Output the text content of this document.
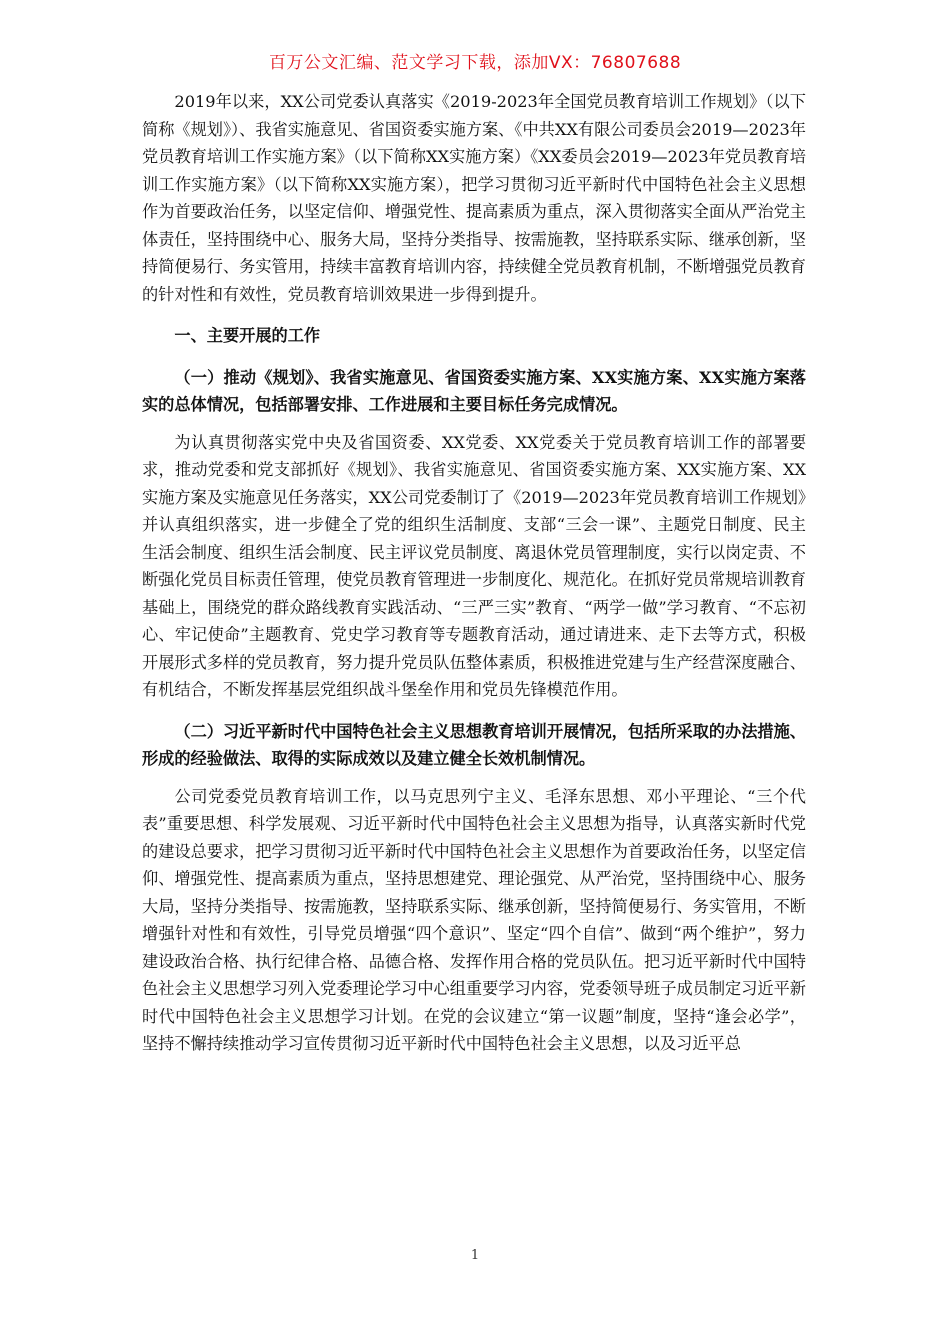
百万公文汇编、范文学习下载，添加VX：76807688

2019年以来，XX公司党委认真落实《2019-2023年全国党员教育培训工作规划》（以下简称《规划》）、我省实施意见、省国资委实施方案、《中共XX有限公司委员会2019—2023年党员教育培训工作实施方案》（以下简称XX实施方案）《XX委员会2019—2023年党员教育培训工作实施方案》（以下简称XX实施方案），把学习贯彻习近平新时代中国特色社会主义思想作为首要政治任务，以坚定信仰、增强党性、提高素质为重点，深入贯彻落实全面从严治党主体责任，坚持围绕中心、服务大局，坚持分类指导、按需施教，坚持联系实际、继承创新，坚持简便易行、务实管用，持续丰富教育培训内容，持续健全党员教育机制，不断增强党员教育的针对性和有效性，党员教育培训效果进一步得到提升。

一、主要开展的工作

（一）推动《规划》、我省实施意见、省国资委实施方案、XX实施方案、XX实施方案落实的总体情况，包括部署安排、工作进展和主要目标任务完成情况。

为认真贯彻落实党中央及省国资委、XX党委、XX党委关于党员教育培训工作的部署要求，推动党委和党支部抓好《规划》、我省实施意见、省国资委实施方案、XX实施方案、XX实施方案及实施意见任务落实，XX公司党委制订了《2019—2023年党员教育培训工作规划》并认真组织落实，进一步健全了党的组织生活制度、支部“三会一课”、主题党日制度、民主生活会制度、组织生活会制度、民主评议党员制度、离退休党员管理制度，实行以岗定责、不断强化党员目标责任管理，使党员教育管理进一步制度化、规范化。在抓好党员常规培训教育基础上，围绕党的群众路线教育实践活动、“三严三实”教育、“两学一做”学习教育、“不忘初心、牢记使命”主题教育、党史学习教育等专题教育活动，通过请进来、走下去等方式，积极开展形式多样的党员教育，努力提升党员队伍整体素质，积极推进党建与生产经营深度融合、有机结合，不断发挥基层党组织战斗堡垒作用和党员先锋模范作用。

（二）习近平新时代中国特色社会主义思想教育培训开展情况，包括所采取的办法措施、形成的经验做法、取得的实际成效以及建立健全长效机制情况。

公司党委党员教育培训工作，以马克思列宁主义、毛泽东思想、邓小平理论、“三个代表”重要思想、科学发展观、习近平新时代中国特色社会主义思想为指导，认真落实新时代党的建设总要求，把学习贯彻习近平新时代中国特色社会主义思想作为首要政治任务，以坚定信仰、增强党性、提高素质为重点，坚持思想建党、理论强党、从严治党，坚持围绕中心、服务大局，坚持分类指导、按需施教，坚持联系实际、继承创新，坚持简便易行、务实管用，不断增强针对性和有效性，引导党员增强“四个意识”、坚定“四个自信”、做到“两个维护”，努力建设政治合格、执行纪律合格、品德合格、发挥作用合格的党员队伍。把习近平新时代中国特色社会主义思想学习列入党委理论学习中心组重要学习内容，党委领导班子成员制定习近平新时代中国特色社会主义思想学习计划。在党的会议建立“第一议题”制度，坚持“逢会必学”，坚持不懈持续推动学习宣传贯彻习近平新时代中国特色社会主义思想，以及习近平总

1
